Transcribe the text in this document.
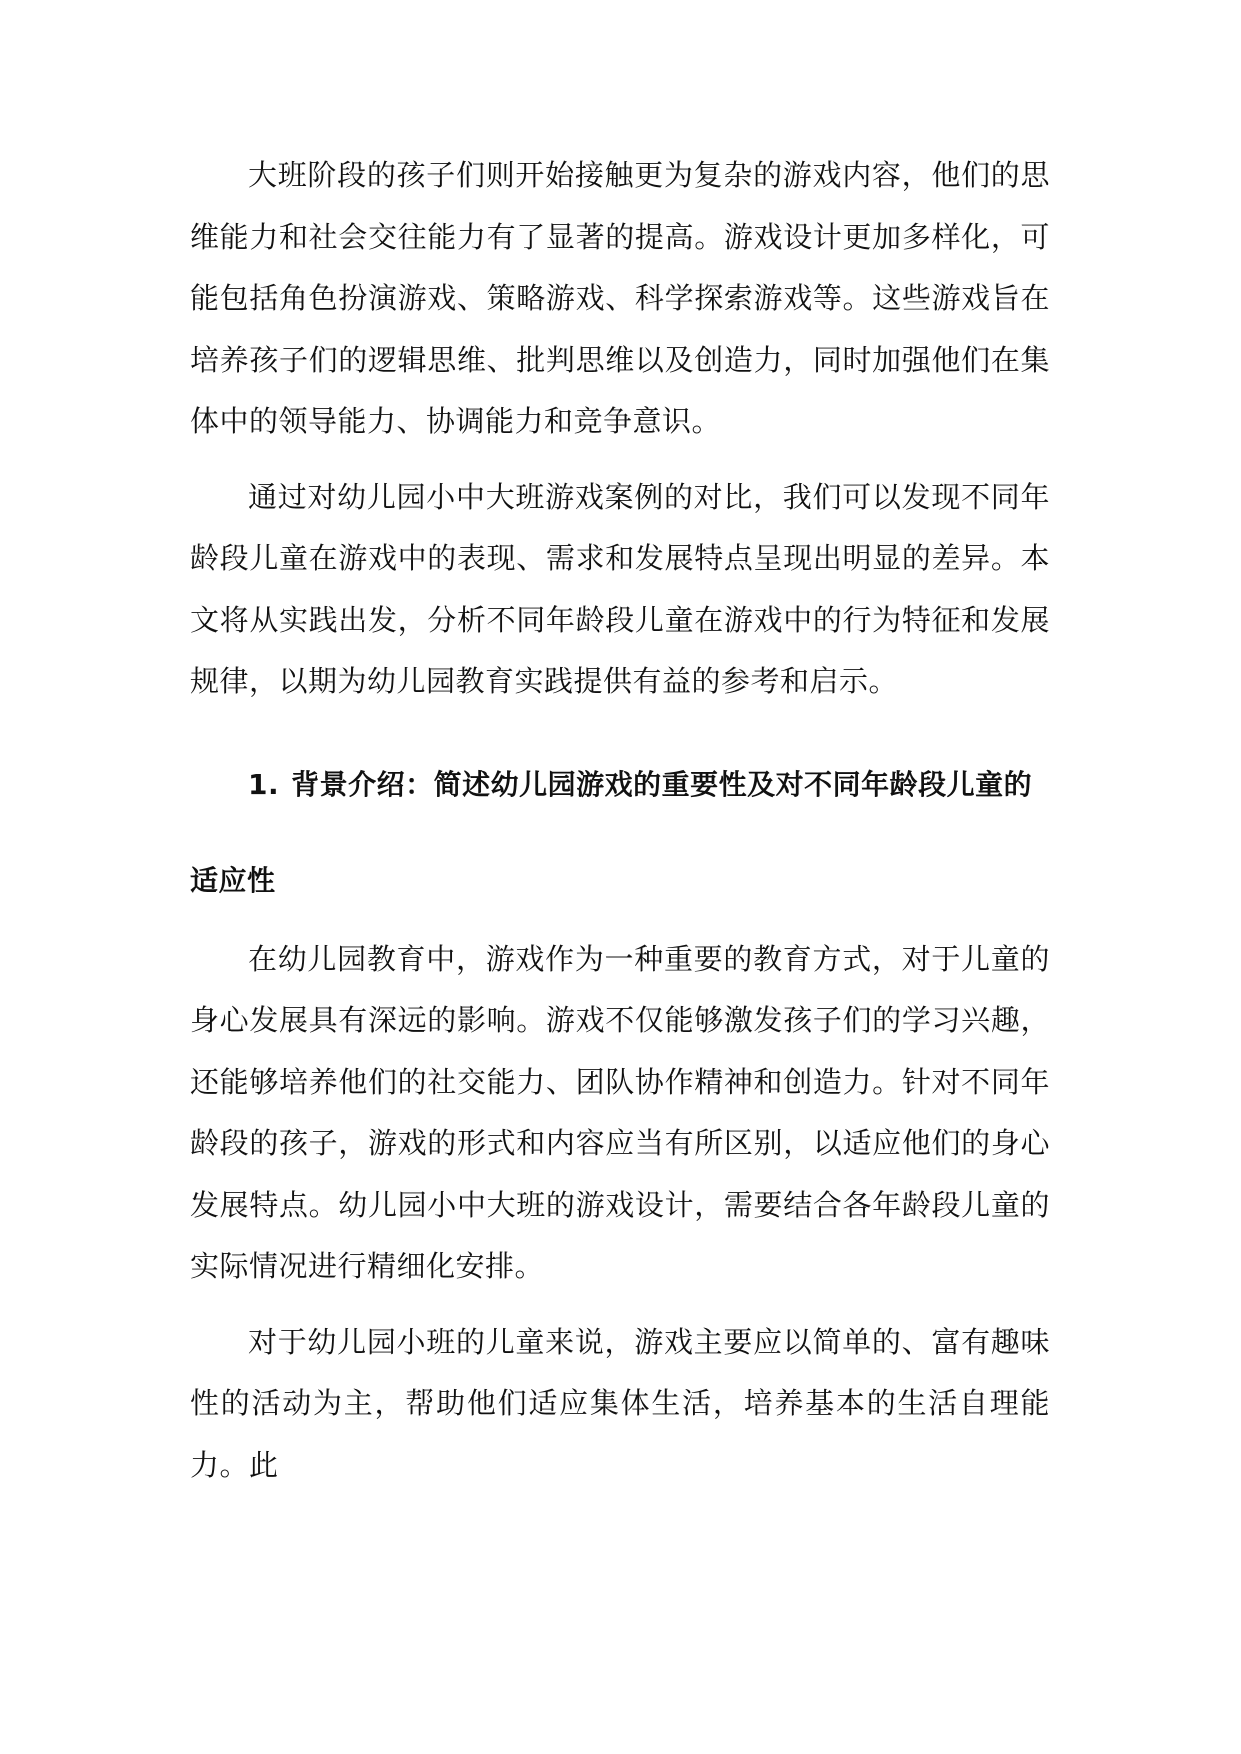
大班阶段的孩子们则开始接触更为复杂的游戏内容，他们的思维能力和社会交往能力有了显著的提高。游戏设计更加多样化，可能包括角色扮演游戏、策略游戏、科学探索游戏等。这些游戏旨在培养孩子们的逻辑思维、批判思维以及创造力，同时加强他们在集体中的领导能力、协调能力和竞争意识。

通过对幼儿园小中大班游戏案例的对比，我们可以发现不同年龄段儿童在游戏中的表现、需求和发展特点呈现出明显的差异。本文将从实践出发，分析不同年龄段儿童在游戏中的行为特征和发展规律，以期为幼儿园教育实践提供有益的参考和启示。

1. 背景介绍：简述幼儿园游戏的重要性及对不同年龄段儿童的适应性

在幼儿园教育中，游戏作为一种重要的教育方式，对于儿童的身心发展具有深远的影响。游戏不仅能够激发孩子们的学习兴趣，还能够培养他们的社交能力、团队协作精神和创造力。针对不同年龄段的孩子，游戏的形式和内容应当有所区别，以适应他们的身心发展特点。幼儿园小中大班的游戏设计，需要结合各年龄段儿童的实际情况进行精细化安排。

对于幼儿园小班的儿童来说，游戏主要应以简单的、富有趣味性的活动为主，帮助他们适应集体生活，培养基本的生活自理能力。此
